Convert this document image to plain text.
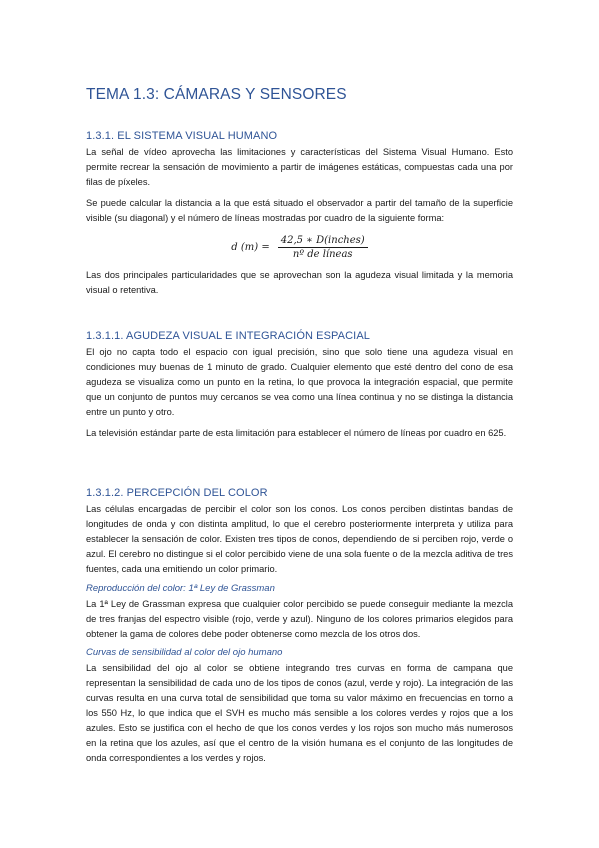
TEMA 1.3: CÁMARAS Y SENSORES
1.3.1. EL SISTEMA VISUAL HUMANO

La señal de vídeo aprovecha las limitaciones y características del Sistema Visual Humano. Esto permite recrear la sensación de movimiento a partir de imágenes estáticas, compuestas cada una por filas de píxeles.

Se puede calcular la distancia a la que está situado el observador a partir del tamaño de la superficie visible (su diagonal) y el número de líneas mostradas por cuadro de la siguiente forma:

d $(m) = \frac{\text{42,5 ∗ D(inches)}}{\text{nº de líneas}}$

Las dos principales particularidades que se aprovechan son la agudeza visual limitada y la memoria visual o retentiva.

1.3.1.1. AGUDEZA VISUAL E INTEGRACIÓN ESPACIAL

El ojo no capta todo el espacio con igual precisión, sino que solo tiene una agudeza visual en condiciones muy buenas de 1 minuto de grado. Cualquier elemento que esté dentro del cono de esa agudeza se visualiza como un punto en la retina, lo que provoca la integración espacial, que permite que un conjunto de puntos muy cercanos se vea como una línea continua y no se distinga la distancia entre un punto y otro.

La televisión estándar parte de esta limitación para establecer el número de líneas por cuadro en 625.

1.3.1.2. PERCEPCIÓN DEL COLOR

Las células encargadas de percibir el color son los conos. Los conos perciben distintas bandas de longitudes de onda y con distinta amplitud, lo que el cerebro posteriormente interpreta y utiliza para establecer la sensación de color. Existen tres tipos de conos, dependiendo de si perciben rojo, verde o azul. El cerebro no distingue si el color percibido viene de una sola fuente o de la mezcla aditiva de tres fuentes, cada una emitiendo un color primario.

Reproducción del color: 1ª Ley de Grassman

La 1ª Ley de Grassman expresa que cualquier color percibido se puede conseguir mediante la mezcla de tres franjas del espectro visible (rojo, verde y azul). Ninguno de los colores primarios elegidos para obtener la gama de colores debe poder obtenerse como mezcla de los otros dos.

Curvas de sensibilidad al color del ojo humano

La sensibilidad del ojo al color se obtiene integrando tres curvas en forma de campana que representan la sensibilidad de cada uno de los tipos de conos (azul, verde y rojo). La integración de las curvas resulta en una curva total de sensibilidad que toma su valor máximo en frecuencias en torno a los 550 Hz, lo que indica que el SVH es mucho más sensible a los colores verdes y rojos que a los azules. Esto se justifica con el hecho de que los conos verdes y los rojos son mucho más numerosos en la retina que los azules, así que el centro de la visión humana es el conjunto de las longitudes de onda correspondientes a los verdes y rojos.
